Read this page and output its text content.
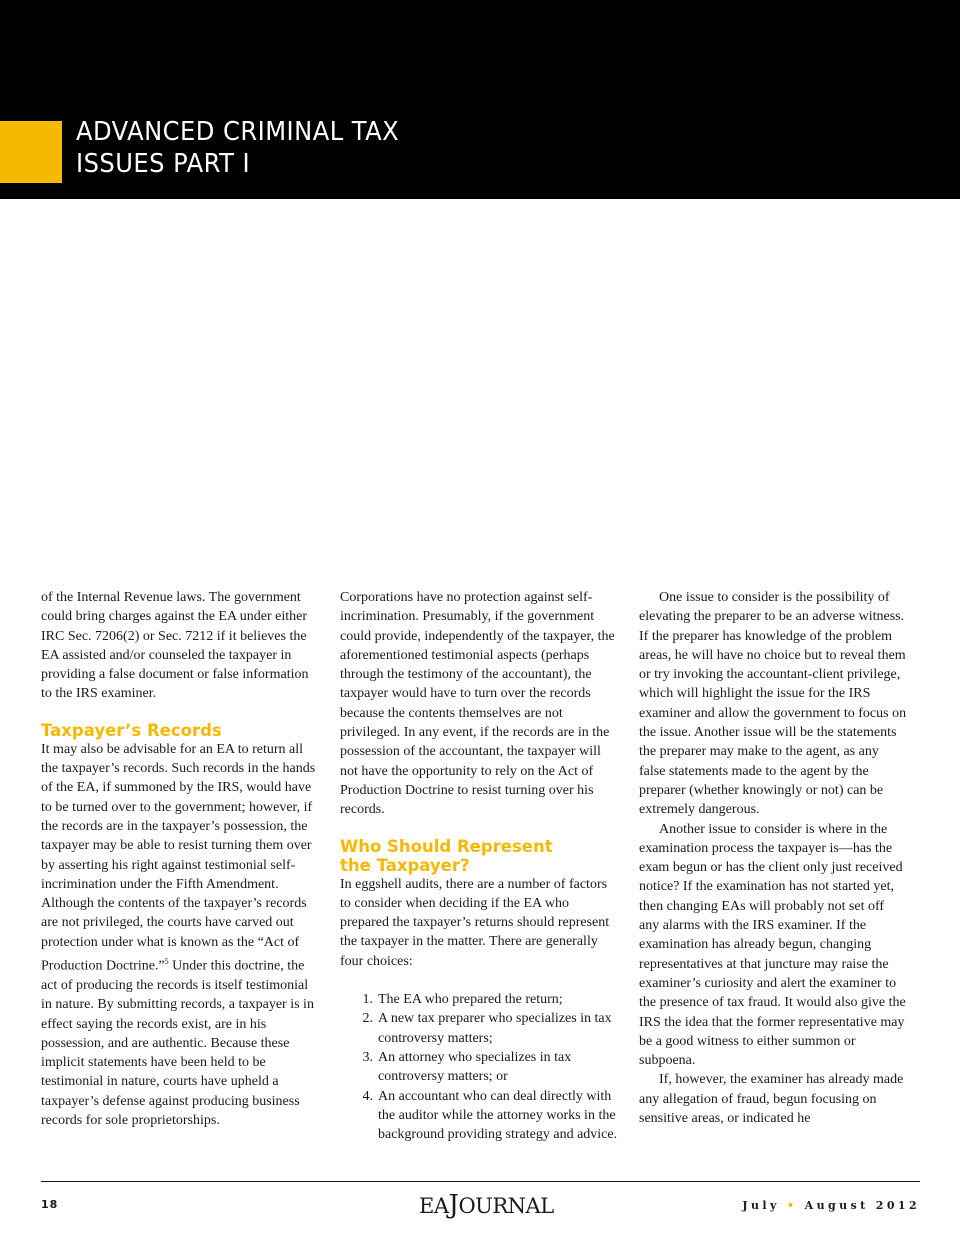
ADVANCED CRIMINAL TAX
ISSUES PART I

of the Internal Revenue laws. The government could bring charges against the EA under either IRC Sec. 7206(2) or Sec. 7212 if it believes the EA assisted and/or counseled the taxpayer in providing a false document or false information to the IRS examiner.

Taxpayer’s Records

It may also be advisable for an EA to return all the taxpayer’s records. Such records in the hands of the EA, if summoned by the IRS, would have to be turned over to the government; however, if the records are in the taxpayer’s possession, the taxpayer may be able to resist turning them over by asserting his right against testimonial self-incrimination under the Fifth Amendment. Although the contents of the taxpayer’s records are not privileged, the courts have carved out protection under what is known as the “Act of Production Doctrine.”$^5$ Under this doctrine, the act of producing the records is itself testimonial in nature. By submitting records, a taxpayer is in effect saying the records exist, are in his possession, and are authentic. Because these implicit statements have been held to be testimonial in nature, courts have upheld a taxpayer’s defense against producing business records for sole proprietorships.

Corporations have no protection against self-incrimination. Presumably, if the government could provide, independently of the taxpayer, the aforementioned testimonial aspects (perhaps through the testimony of the accountant), the taxpayer would have to turn over the records because the contents themselves are not privileged. In any event, if the records are in the possession of the accountant, the taxpayer will not have the opportunity to rely on the Act of Production Doctrine to resist turning over his records.

Who Should Represent
the Taxpayer?

In eggshell audits, there are a number of factors to consider when deciding if the EA who prepared the taxpayer’s returns should represent the taxpayer in the matter. There are generally four choices:

1. The EA who prepared the return;
2. A new tax preparer who specializes in tax controversy matters;
3. An attorney who specializes in tax controversy matters; or
4. An accountant who can deal directly with the auditor while the attorney works in the background providing strategy and advice.

One issue to consider is the possibility of elevating the preparer to be an adverse witness. If the preparer has knowledge of the problem areas, he will have no choice but to reveal them or try invoking the accountant-client privilege, which will highlight the issue for the IRS examiner and allow the government to focus on the issue. Another issue will be the statements the preparer may make to the agent, as any false statements made to the agent by the preparer (whether knowingly or not) can be extremely dangerous.

Another issue to consider is where in the examination process the taxpayer is—has the exam begun or has the client only just received notice? If the examination has not started yet, then changing EAs will probably not set off any alarms with the IRS examiner. If the examination has already begun, changing representatives at that juncture may raise the examiner’s curiosity and alert the examiner to the presence of tax fraud. It would also give the IRS the idea that the former representative may be a good witness to either summon or subpoena.

If, however, the examiner has already made any allegation of fraud, begun focusing on sensitive areas, or indicated he

18	EAJOURNAL	July • August 2012
